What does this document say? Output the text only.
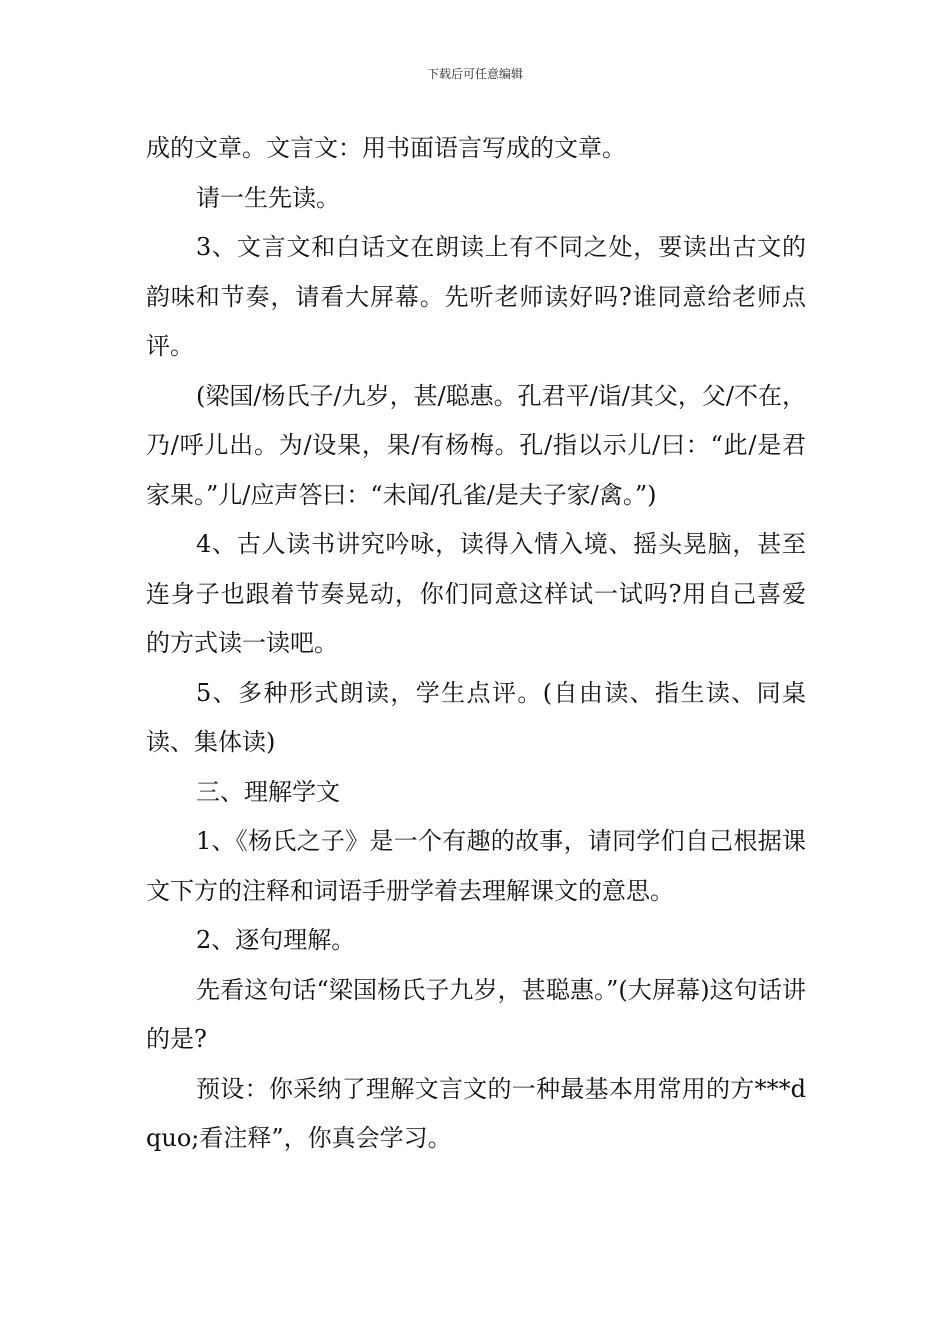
下载后可任意编辑

成的文章。文言文：用书面语言写成的文章。

请一生先读。

3、文言文和白话文在朗读上有不同之处，要读出古文的韵味和节奏，请看大屏幕。先听老师读好吗?谁同意给老师点评。

(梁国/杨氏子/九岁，甚/聪惠。孔君平/诣/其父，父/不在，乃/呼儿出。为/设果，果/有杨梅。孔/指以示儿/曰：“此/是君家果。”儿/应声答曰：“未闻/孔雀/是夫子家/禽。”)

4、古人读书讲究吟咏，读得入情入境、摇头晃脑，甚至连身子也跟着节奏晃动，你们同意这样试一试吗?用自己喜爱的方式读一读吧。

5、多种形式朗读，学生点评。(自由读、指生读、同桌读、集体读)

三、理解学文

1、《杨氏之子》是一个有趣的故事，请同学们自己根据课文下方的注释和词语手册学着去理解课文的意思。

2、逐句理解。

先看这句话“梁国杨氏子九岁，甚聪惠。”(大屏幕)这句话讲的是?

预设：你采纳了理解文言文的一种最基本用常用的方***dquo;看注释”，你真会学习。
